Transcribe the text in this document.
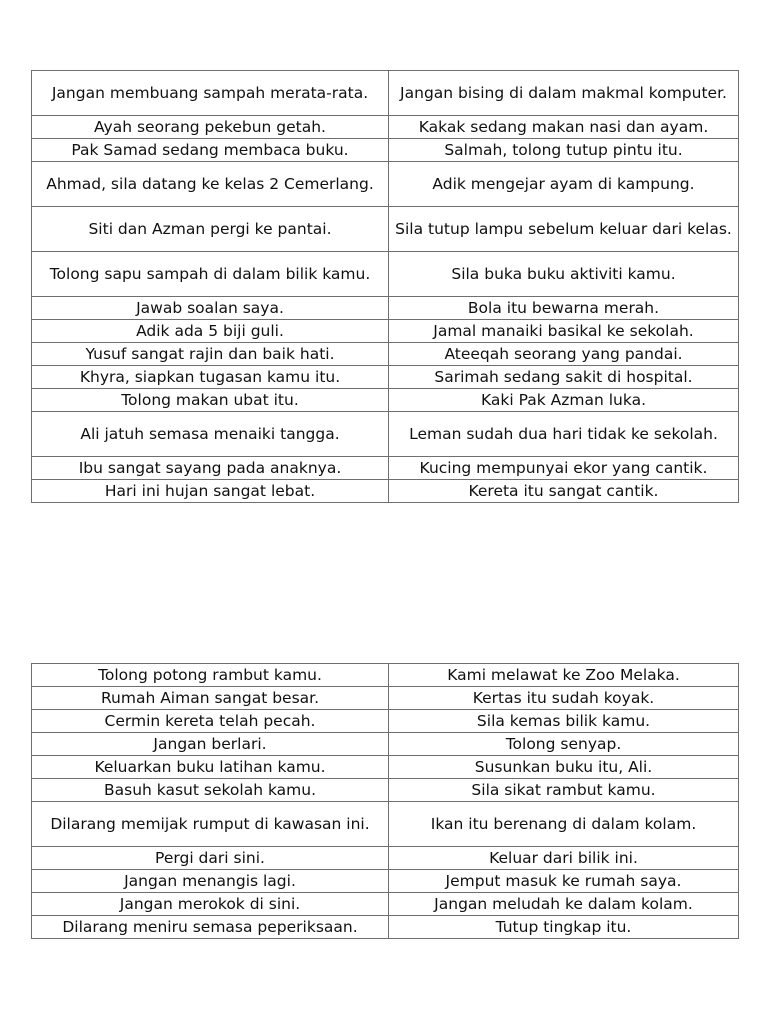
Jangan membuang sampah merata-rata.	Jangan bising di dalam makmal komputer.
Ayah seorang pekebun getah.	Kakak sedang makan nasi dan ayam.
Pak Samad sedang membaca buku.	Salmah, tolong tutup pintu itu.
Ahmad, sila datang ke kelas 2 Cemerlang.	Adik mengejar ayam di kampung.
Siti dan Azman pergi ke pantai.	Sila tutup lampu sebelum keluar dari kelas.
Tolong sapu sampah di dalam bilik kamu.	Sila buka buku aktiviti kamu.
Jawab soalan saya.	Bola itu bewarna merah.
Adik ada 5 biji guli.	Jamal manaiki basikal ke sekolah.
Yusuf sangat rajin dan baik hati.	Ateeqah seorang yang pandai.
Khyra, siapkan tugasan kamu itu.	Sarimah sedang sakit di hospital.
Tolong makan ubat itu.	Kaki Pak Azman luka.
Ali jatuh semasa menaiki tangga.	Leman sudah dua hari tidak ke sekolah.
Ibu sangat sayang pada anaknya.	Kucing mempunyai ekor yang cantik.
Hari ini hujan sangat lebat.	Kereta itu sangat cantik.
Tolong potong rambut kamu.	Kami melawat ke Zoo Melaka.
Rumah Aiman sangat besar.	Kertas itu sudah koyak.
Cermin kereta telah pecah.	Sila kemas bilik kamu.
Jangan berlari.	Tolong senyap.
Keluarkan buku latihan kamu.	Susunkan buku itu, Ali.
Basuh kasut sekolah kamu.	Sila sikat rambut kamu.
Dilarang memijak rumput di kawasan ini.	Ikan itu berenang di dalam kolam.
Pergi dari sini.	Keluar dari bilik ini.
Jangan menangis lagi.	Jemput masuk ke rumah saya.
Jangan merokok di sini.	Jangan meludah ke dalam kolam.
Dilarang meniru semasa peperiksaan.	Tutup tingkap itu.
